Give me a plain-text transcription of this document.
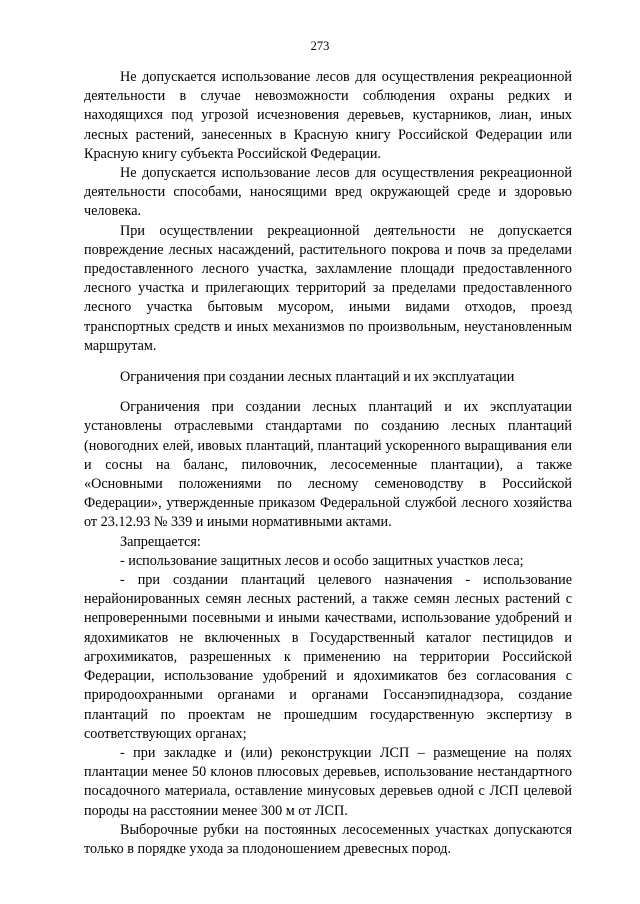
273

Не допускается использование лесов для осуществления рекреационной деятельности в случае невозможности соблюдения охраны редких и находящихся под угрозой исчезновения деревьев, кустарников, лиан, иных лесных растений, занесенных в Красную книгу Российской Федерации или Красную книгу субъекта Российской Федерации.

Не допускается использование лесов для осуществления рекреационной деятельности способами, наносящими вред окружающей среде и здоровью человека.

При осуществлении рекреационной деятельности не допускается повреждение лесных насаждений, растительного покрова и почв за пределами предоставленного лесного участка, захламление площади предоставленного лесного участка и прилегающих территорий за пределами предоставленного лесного участка бытовым мусором, иными видами отходов, проезд транспортных средств и иных механизмов по произвольным, неустановленным маршрутам.

Ограничения при создании лесных плантаций и их эксплуатации

Ограничения при создании лесных плантаций и их эксплуатации установлены отраслевыми стандартами по созданию лесных плантаций (новогодних елей, ивовых плантаций, плантаций ускоренного выращивания ели и сосны на баланс, пиловочник, лесосеменные плантации), а также «Основными положениями по лесному семеноводству в Российской Федерации», утвержденные приказом Федеральной службой лесного хозяйства от 23.12.93 № 339 и иными нормативными актами.

Запрещается:

- использование защитных лесов и особо защитных участков леса;

- при создании плантаций целевого назначения - использование нерайонированных семян лесных растений, а также семян лесных растений с непроверенными посевными и иными качествами, использование удобрений и ядохимикатов не включенных в Государственный каталог пестицидов и агрохимикатов, разрешенных к применению на территории Российской Федерации, использование удобрений и ядохимикатов без согласования с природоохранными органами и органами Госсанэпиднадзора, создание плантаций по проектам не прошедшим государственную экспертизу в соответствующих органах;

- при закладке и (или) реконструкции ЛСП – размещение на полях плантации менее 50 клонов плюсовых деревьев, использование нестандартного посадочного материала, оставление минусовых деревьев одной с ЛСП целевой породы на расстоянии менее 300 м от ЛСП.

Выборочные рубки на постоянных лесосеменных участках допускаются только в порядке ухода за плодоношением древесных пород.
